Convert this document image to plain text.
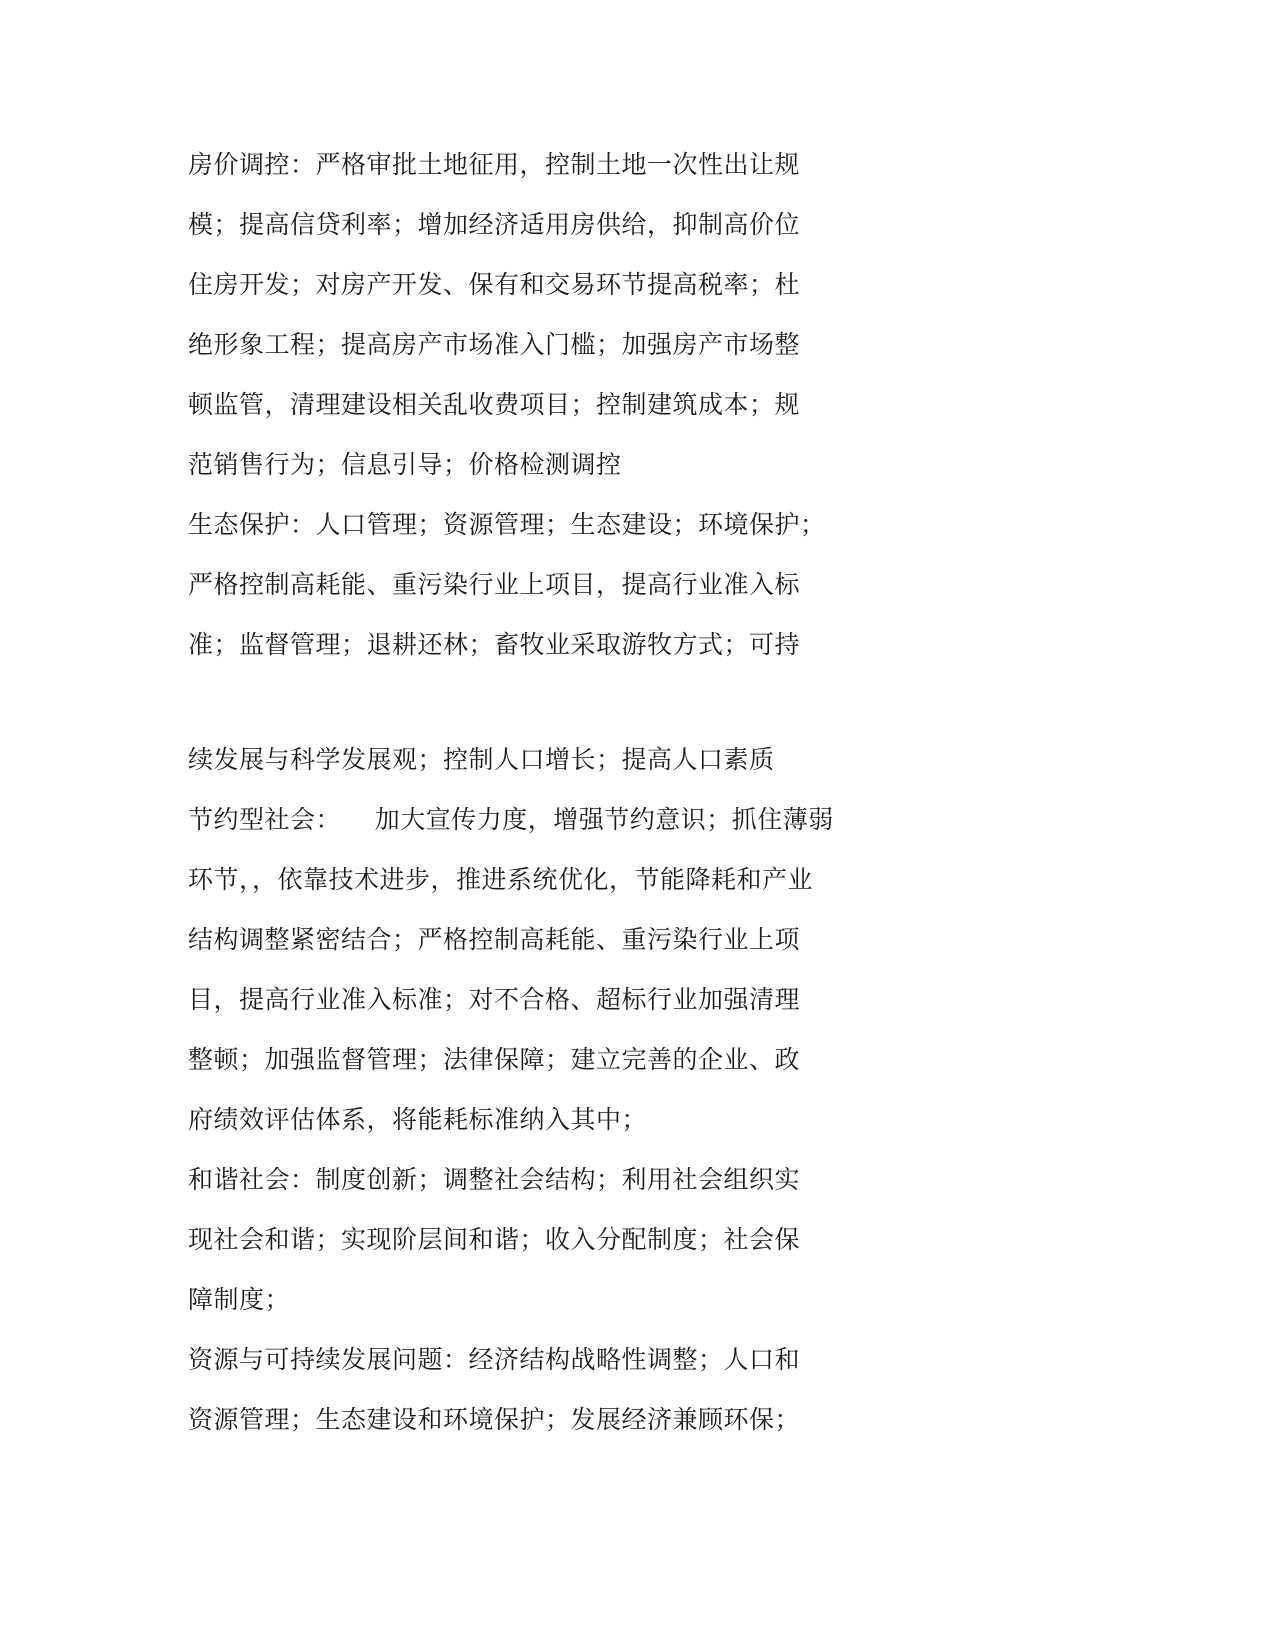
房价调控：严格审批土地征用，控制土地一次性出让规
模；提高信贷利率；增加经济适用房供给，抑制高价位
住房开发；对房产开发、保有和交易环节提高税率；杜
绝形象工程；提高房产市场准入门槛；加强房产市场整
顿监管，清理建设相关乱收费项目；控制建筑成本；规
范销售行为；信息引导；价格检测调控
生态保护：人口管理；资源管理；生态建设；环境保护；
严格控制高耗能、重污染行业上项目，提高行业准入标
准；监督管理；退耕还林；畜牧业采取游牧方式；可持
续发展与科学发展观；控制人口增长；提高人口素质
节约型社会：    加大宣传力度，增强节约意识；抓住薄弱
环节，，依靠技术进步，推进系统优化，节能降耗和产业
结构调整紧密结合；严格控制高耗能、重污染行业上项
目，提高行业准入标准；对不合格、超标行业加强清理
整顿；加强监督管理；法律保障；建立完善的企业、政
府绩效评估体系，将能耗标准纳入其中；
和谐社会：制度创新；调整社会结构；利用社会组织实
现社会和谐；实现阶层间和谐；收入分配制度；社会保
障制度；
资源与可持续发展问题：经济结构战略性调整；人口和
资源管理；生态建设和环境保护；发展经济兼顾环保；
